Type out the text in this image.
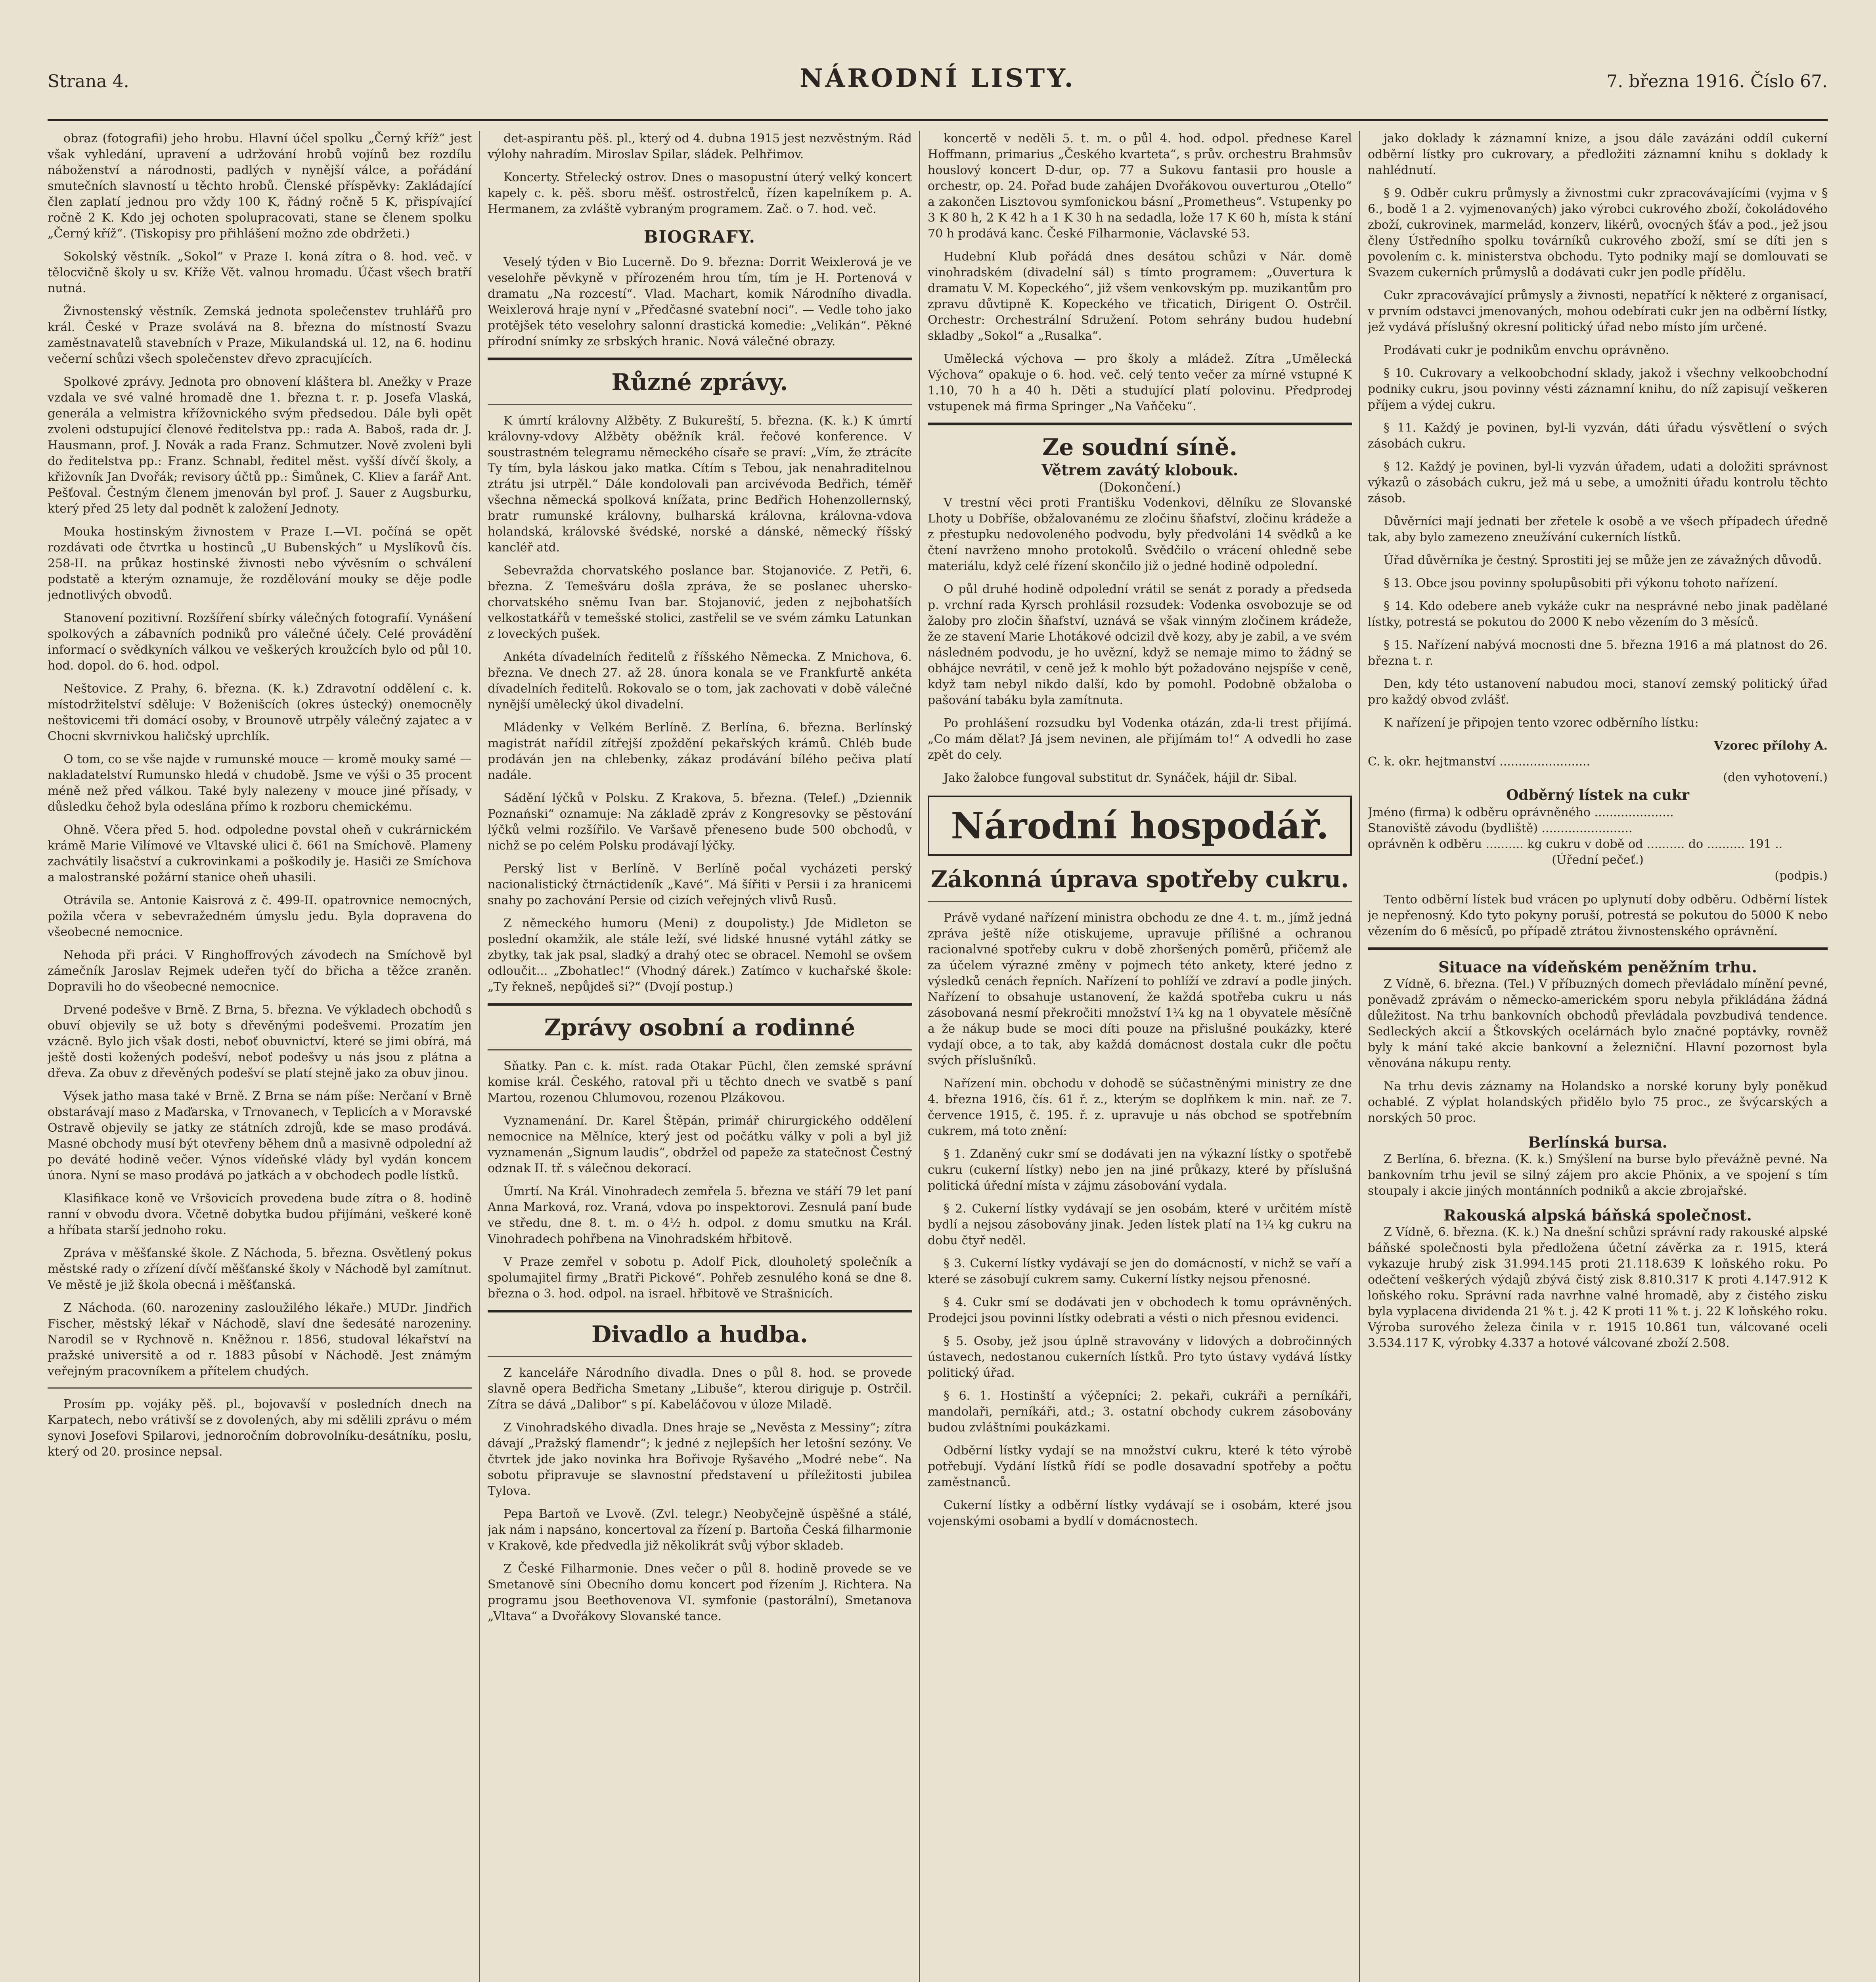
Strana 4.	NÁRODNÍ LISTY.	7. března 1916. Číslo 67.

obraz (fotografii) jeho hrobu. Hlavní účel spolku „Černý kříž“ jest však vyhledání, upravení a udržování hrobů vojínů bez rozdílu náboženství a národnosti, padlých v nynější válce, a pořádání smutečních slavností u těchto hrobů. Členské příspěvky: Zakládající člen zaplatí jednou pro vždy 100 K, řádný ročně 5 K, přispívající ročně 2 K. Kdo jej ochoten spolupracovati, stane se členem spolku „Černý kříž“. (Tiskopisy pro přihlášení možno zde obdržeti.)

Sokolský věstník. „Sokol“ v Praze I. koná zítra o 8. hod. več. v tělocvičně školy u sv. Kříže Vět. valnou hromadu. Účast všech bratří nutná.

Živnostenský věstník. Zemská jednota společenstev truhlářů pro král. České v Praze svolává na 8. března do místností Svazu zaměstnavatelů stavebních v Praze, Mikulandská ul. 12, na 6. hodinu večerní schůzi všech společenstev dřevo zpracujících.

Spolkové zprávy. Jednota pro obnovení kláštera bl. Anežky v Praze vzdala ve své valné hromadě dne 1. března t. r. p. Josefa Vlaská, generála a velmistra křížovnického svým předsedou. Dále byli opět zvoleni odstupující členové ředitelstva pp.: rada A. Baboš, rada dr. J. Hausmann, prof. J. Novák a rada Franz. Schmutzer. Nově zvoleni byli do ředitelstva pp.: Franz. Schnabl, ředitel měst. vyšší dívčí školy, a křižovník Jan Dvořák; revisory účtů pp.: Šimůnek, C. Kliev a farář Ant. Pešťoval. Čestným členem jmenován byl prof. J. Sauer z Augsburku, který před 25 lety dal podnět k založení Jednoty.

Mouka hostinským živnostem v Praze I.—VI. počíná se opět rozdávati ode čtvrtka u hostinců „U Bubenských“ u Myslíkovů čís. 258-II. na průkaz hostinské živnosti nebo vývěsním o schválení podstatě a kterým oznamuje, že rozdělování mouky se děje podle jednotlivých obvodů.

Stanovení pozitivní. Rozšíření sbírky válečných fotografií. Vynášení spolkových a zábavních podniků pro válečné účely. Celé provádění informací o svědkyních válkou ve veškerých kroužcích bylo od půl 10. hod. dopol. do 6. hod. odpol.

Neštovice. Z Prahy, 6. března. (K. k.) Zdravotní oddělení c. k. místodržitelství sděluje: V Boženišcích (okres ústecký) onemocněly neštovicemi tři domácí osoby, v Brounově utrpěly válečný zajatec a v Chocni skvrnivkou haličský uprchlík.

O tom, co se vše najde v rumunské mouce — kromě mouky samé — nakladatelství Rumunsko hledá v chudobě. Jsme ve výši o 35 procent méně než před válkou. Také byly nalezeny v mouce jiné přísady, v důsledku čehož byla odeslána přímo k rozboru chemickému.

Ohně. Včera před 5. hod. odpoledne povstal oheň v cukrárnickém krámě Marie Vilímové ve Vltavské ulici č. 661 na Smíchově. Plameny zachvátily lisačství a cukrovinkami a poškodily je. Hasiči ze Smíchova a malostranské požární stanice oheň uhasili.

Otrávila se. Antonie Kaisrová z č. 499-II. opatrovnice nemocných, požila včera v sebevražedném úmyslu jedu. Byla dopravena do všeobecné nemocnice.

Nehoda při práci. V Ringhoffrových závodech na Smíchově byl zámečník Jaroslav Rejmek udeřen tyčí do břicha a těžce zraněn. Dopravili ho do všeobecné nemocnice.

Drvené podešve v Brně. Z Brna, 5. března. Ve výkladech obchodů s obuví objevily se už boty s dřevěnými podešvemi. Prozatím jen vzácně. Bylo jich však dosti, neboť obuvnictví, které se jimi obírá, má ještě dosti kožených podešví, neboť podešvy u nás jsou z plátna a dřeva. Za obuv z dřevěných podešví se platí stejně jako za obuv jinou.

Výsek jatho masa také v Brně. Z Brna se nám píše: Nerčaní v Brně obstarávají maso z Maďarska, v Trnovanech, v Teplicích a v Moravské Ostravě objevily se jatky ze státních zdrojů, kde se maso prodává. Masné obchody musí být otevřeny během dnů a masivně odpolední až po deváté hodině večer. Výnos vídeňské vlády byl vydán koncem února. Nyní se maso prodává po jatkách a v obchodech podle lístků.

Klasifikace koně ve Vršovicích provedena bude zítra o 8. hodině ranní v obvodu dvora. Včetně dobytka budou přijímáni, veškeré koně a hříbata starší jednoho roku.

Zpráva v měšťanské škole. Z Náchoda, 5. března. Osvětlený pokus městské rady o zřízení dívčí měšťanské školy v Náchodě byl zamítnut. Ve městě je již škola obecná i měšťanská.

Z Náchoda. (60. narozeniny zasloužilého lékaře.) MUDr. Jindřich Fischer, městský lékař v Náchodě, slaví dne šedesáté narozeniny. Narodil se v Rychnově n. Kněžnou r. 1856, studoval lékařství na pražské universitě a od r. 1883 působí v Náchodě. Jest známým veřejným pracovníkem a přítelem chudých.

Prosím pp. vojáky pěš. pl., bojovavší v posledních dnech na Karpatech, nebo vrátivší se z dovolených, aby mi sdělili zprávu o mém synovi Josefovi Spilarovi, jednoročním dobrovolníku-desátníku, poslu, který od 20. prosince nepsal.

det-aspirantu pěš. pl., který od 4. dubna 1915 jest nezvěstným. Rád výlohy nahradím. Miroslav Spilar, sládek. Pelhřimov.

Koncerty. Střelecký ostrov. Dnes o masopustní úterý velký koncert kapely c. k. pěš. sboru měšť. ostrostřelců, řízen kapelníkem p. A. Hermanem, za zvláště vybraným programem. Zač. o 7. hod. več.

BIOGRAFY.

Veselý týden v Bio Lucerně. Do 9. března: Dorrit Weixlerová je ve veselohře pěvkyně v přírozeném hrou tím, tím je H. Portenová v dramatu „Na rozcestí“. Vlad. Machart, komik Národního divadla. Weixlerová hraje nyní v „Předčasné svatební noci“. — Vedle toho jako protějšek této veselohry salonní drastická komedie: „Velikán“. Pěkné přírodní snímky ze srbských hranic. Nová válečné obrazy.

Různé zprávy.

K úmrtí královny Alžběty. Z Bukureští, 5. března. (K. k.) K úmrtí královny-vdovy Alžběty oběžník král. řečové konference. V soustrastném telegramu německého císaře se praví: „Vím, že ztrácíte Ty tím, byla láskou jako matka. Cítím s Tebou, jak nenahraditelnou ztrátu jsi utrpěl.“ Dále kondolovali pan arcivévoda Bedřich, téměř všechna německá spolková knížata, princ Bedřich Hohenzollernský, bratr rumunské královny, bulharská královna, královna-vdova holandská, královské švédské, norské a dánské, německý říšský kancléř atd.

Sebevražda chorvatského poslance bar. Stojanoviće. Z Petři, 6. března. Z Temešváru došla zpráva, že se poslanec uhersko-chorvatského sněmu Ivan bar. Stojanović, jeden z nejbohatších velkostatkářů v temešské stolici, zastřelil se ve svém zámku Latunkan z loveckých pušek.

Ankéta dívadelních ředitelů z říšského Německa. Z Mnichova, 6. března. Ve dnech 27. až 28. února konala se ve Frankfurtě ankéta dívadelních ředitelů. Rokovalo se o tom, jak zachovati v době válečné nynější umělecký úkol divadelní.

Mládenky v Velkém Berlíně. Z Berlína, 6. března. Berlínský magistrát nařídil zítřejší zpoždění pekařských krámů. Chléb bude prodáván jen na chlebenky, zákaz prodávání bílého pečiva platí nadále.

Sádění lýčků v Polsku. Z Krakova, 5. března. (Telef.) „Dziennik Poznański“ oznamuje: Na základě zpráv z Kongresovky se pěstování lýčků velmi rozšířilo. Ve Varšavě přeneseno bude 500 obchodů, v nichž se po celém Polsku prodávají lýčky.

Perský list v Berlíně. V Berlíně počal vycházeti perský nacionalistický čtrnáctideník „Kavé“. Má šířiti v Persii i za hranicemi snahy po zachování Persie od cizích veřejných vlivů Rusů.

Z německého humoru (Meni) z doupolisty.) Jde Midleton se poslední okamžik, ale stále leží, své lidské hnusné vytáhl zátky se zbytky, tak jak psal, sladký a drahý otec se obracel. Nemohl se ovšem odloučit... „Zbohatlec!“ (Vhodný dárek.) Zatímco v kuchařské škole: „Ty řekneš, nepůjdeš si?“ (Dvojí postup.)

Zprávy osobní a rodinné

Sňatky. Pan c. k. míst. rada Otakar Püchl, člen zemské správní komise král. Českého, ratoval při u těchto dnech ve svatbě s paní Martou, rozenou Chlumovou, rozenou Plzákovou.

Vyznamenání. Dr. Karel Štěpán, primář chirurgického oddělení nemocnice na Mělníce, který jest od počátku války v poli a byl již vyznamenán „Signum laudis“, obdržel od papeže za statečnost Čestný odznak II. tř. s válečnou dekorací.

Úmrtí. Na Král. Vinohradech zemřela 5. března ve stáří 79 let paní Anna Marková, roz. Vraná, vdova po inspektorovi. Zesnulá paní bude ve středu, dne 8. t. m. o 4½ h. odpol. z domu smutku na Král. Vinohradech pohřbena na Vinohradském hřbitově.

V Praze zemřel v sobotu p. Adolf Pick, dlouholetý společník a spolumajitel firmy „Bratři Pickové“. Pohřeb zesnulého koná se dne 8. března o 3. hod. odpol. na israel. hřbitově ve Strašnicích.

Divadlo a hudba.

Z kanceláře Národního divadla. Dnes o půl 8. hod. se provede slavně opera Bedřicha Smetany „Libuše“, kterou diriguje p. Ostrčil. Zítra se dává „Dalibor“ s pí. Kabeláčovou v úloze Miladě.

Z Vinohradského divadla. Dnes hraje se „Nevěsta z Messiny“; zítra dávají „Pražský flamendr“; k jedné z nejlepších her letošní sezóny. Ve čtvrtek jde jako novinka hra Bořivoje Ryšavého „Modré nebe“. Na sobotu připravuje se slavnostní představení u příležitosti jubilea Tylova.

Pepa Bartoň ve Lvově. (Zvl. telegr.) Neobyčejně úspěšné a stálé, jak nám i napsáno, koncertoval za řízení p. Bartoňa Česká filharmonie v Krakově, kde předvedla již několikrát svůj výbor skladeb.

Z České Filharmonie. Dnes večer o půl 8. hodině provede se ve Smetanově síni Obecního domu koncert pod řízením J. Richtera. Na programu jsou Beethovenova VI. symfonie (pastorální), Smetanova „Vltava“ a Dvořákovy Slovanské tance.

koncertě v neděli 5. t. m. o půl 4. hod. odpol. přednese Karel Hoffmann, primarius „Českého kvarteta“, s prův. orchestru Brahmsův houslový koncert D-dur, op. 77 a Sukovu fantasii pro housle a orchestr, op. 24. Pořad bude zahájen Dvořákovou ouverturou „Otello“ a zakončen Lisztovou symfonickou básní „Prometheus“. Vstupenky po 3 K 80 h, 2 K 42 h a 1 K 30 h na sedadla, lože 17 K 60 h, místa k stání 70 h prodává kanc. České Filharmonie, Václavské 53.

Hudební Klub pořádá dnes desátou schůzi v Nár. domě vinohradském (divadelní sál) s tímto programem: „Ouvertura k dramatu V. M. Kopeckého“, již všem venkovským pp. muzikantům pro zpravu důvtipně K. Kopeckého ve třicatich, Dirigent O. Ostrčil. Orchestr: Orchestrální Sdružení. Potom sehrány budou hudební skladby „Sokol“ a „Rusalka“.

Umělecká výchova — pro školy a mládež. Zítra „Umělecká Výchova“ opakuje o 6. hod. več. celý tento večer za mírné vstupné K 1.10, 70 h a 40 h. Děti a studující platí polovinu. Předprodej vstupenek má firma Springer „Na Vaňčeku“.

Ze soudní síně.
Větrem zavátý klobouk.
(Dokončení.)

V trestní věci proti Františku Vodenkovi, dělníku ze Slovanské Lhoty u Dobříše, obžalovanému ze zločinu šňafství, zločinu krádeže a z přestupku nedovoleného podvodu, byly předvoláni 14 svědků a ke čtení navrženo mnoho protokolů. Svědčilo o vrácení ohledně sebe materiálu, když celé řízení skončilo již o jedné hodině odpolední.

O půl druhé hodině odpolední vrátil se senát z porady a předseda p. vrchní rada Kyrsch prohlásil rozsudek: Vodenka osvobozuje se od žaloby pro zločin šňafství, uznává se však vinným zločinem krádeže, že ze stavení Marie Lhotákové odcizil dvě kozy, aby je zabil, a ve svém následném podvodu, je ho uvězní, když se nemaje mimo to žádný se obhájce nevrátil, v ceně jež k mohlo být požadováno nejspíše v ceně, když tam nebyl nikdo další, kdo by pomohl. Podobně obžaloba o pašování tabáku byla zamítnuta.

Po prohlášení rozsudku byl Vodenka otázán, zda-li trest přijímá. „Co mám dělat? Já jsem nevinen, ale přijímám to!“ A odvedli ho zase zpět do cely.

Jako žalobce fungoval substitut dr. Synáček, hájil dr. Sibal.

Národní hospodář.
Zákonná úprava spotřeby cukru.

Právě vydané nařízení ministra obchodu ze dne 4. t. m., jímž jedná zpráva ještě níže otiskujeme, upravuje přílišné a ochranou racionalvné spotřeby cukru v době zhoršených poměrů, přičemž ale za účelem výrazné změny v pojmech této ankety, které jedno z výsledků cenách řepních. Nařízení to pohlíží ve zdraví a podle jiných. Nařízení to obsahuje ustanovení, že každá spotřeba cukru u nás zásobovaná nesmí překročiti množství 1¼ kg na 1 obyvatele měsíčně a že nákup bude se moci díti pouze na přislušné poukázky, které vydají obce, a to tak, aby každá domácnost dostala cukr dle počtu svých příslušníků.

Nařízení min. obchodu v dohodě se súčastněnými ministry ze dne 4. března 1916, čís. 61 ř. z., kterým se doplňkem k min. nař. ze 7. července 1915, č. 195. ř. z. upravuje u nás obchod se spotřebním cukrem, má toto znění:

§ 1. Zdaněný cukr smí se dodávati jen na výkazní lístky o spotřebě cukru (cukerní lístky) nebo jen na jiné průkazy, které by příslušná politická úřední místa v zájmu zásobování vydala.

§ 2. Cukerní lístky vydávají se jen osobám, které v určitém místě bydlí a nejsou zásobovány jinak. Jeden lístek platí na 1¼ kg cukru na dobu čtyř neděl.

§ 3. Cukerní lístky vydávají se jen do domácností, v nichž se vaří a které se zásobují cukrem samy. Cukerní lístky nejsou přenosné.

§ 4. Cukr smí se dodávati jen v obchodech k tomu oprávněných. Prodejci jsou povinni lístky odebrati a vésti o nich přesnou evidenci.

§ 5. Osoby, jež jsou úplně stravovány v lidových a dobročinných ústavech, nedostanou cukerních lístků. Pro tyto ústavy vydává lístky politický úřad.

§ 6. 1. Hostinští a výčepníci; 2. pekaři, cukráři a perníkáři, mandolaři, perníkáři, atd.; 3. ostatní obchody cukrem zásobovány budou zvláštními poukázkami.

Odběrní lístky vydají se na množství cukru, které k této výrobě potřebují. Vydání lístků řídí se podle dosavadní spotřeby a počtu zaměstnanců.

Cukerní lístky a odběrní lístky vydávají se i osobám, které jsou vojenskými osobami a bydlí v domácnostech.

jako doklady k záznamní knize, a jsou dále zavázáni oddíl cukerní odběrní lístky pro cukrovary, a předložiti záznamní knihu s doklady k nahlédnutí.

§ 9. Odběr cukru průmysly a živnostmi cukr zpracovávajícími (vyjma v § 6., bodě 1 a 2. vyjmenovaných) jako výrobci cukrového zboží, čokoládového zboží, cukrovinek, marmelád, konzerv, likérů, ovocných šťáv a pod., jež jsou členy Ústředního spolku továrníků cukrového zboží, smí se díti jen s povolením c. k. ministerstva obchodu. Tyto podniky mají se domlouvati se Svazem cukerních průmyslů a dodávati cukr jen podle přídělu.

Cukr zpracovávající průmysly a živnosti, nepatřící k některé z organisací, v prvním odstavci jmenovaných, mohou odebírati cukr jen na odběrní lístky, jež vydává příslušný okresní politický úřad nebo místo jím určené.

Prodávati cukr je podnikům envchu oprávněno.

§ 10. Cukrovary a velkoobchodní sklady, jakož i všechny velkoobchodní podniky cukru, jsou povinny vésti záznamní knihu, do níž zapisují veškeren příjem a výdej cukru.

§ 11. Každý je povinen, byl-li vyzván, dáti úřadu výsvětlení o svých zásobách cukru.

§ 12. Každý je povinen, byl-li vyzván úřadem, udati a doložiti správnost výkazů o zásobách cukru, jež má u sebe, a umožniti úřadu kontrolu těchto zásob.

Důvěrníci mají jednati ber zřetele k osobě a ve všech případech úředně tak, aby bylo zamezeno zneužívání cukerních lístků.

Úřad důvěrníka je čestný. Sprostiti jej se může jen ze závažných důvodů.

§ 13. Obce jsou povinny spolupůsobiti při výkonu tohoto nařízení.

§ 14. Kdo odebere aneb vykáže cukr na nesprávné nebo jinak padělané lístky, potrestá se pokutou do 2000 K nebo vězením do 3 měsíců.

§ 15. Nařízení nabývá mocnosti dne 5. března 1916 a má platnost do 26. března t. r.

Den, kdy této ustanovení nabudou moci, stanoví zemský politický úřad pro každý obvod zvlášť.

K nařízení je připojen tento vzorec odběrního lístku:

Vzorec přílohy A.

C. k. okr. hejtmanství ........................

(den vyhotovení.)

Odběrný lístek na cukr

Jméno (firma) k odběru oprávněného .....................

Stanoviště závodu (bydliště) ........................

oprávněn k odběru .......... kg cukru v době od .......... do .......... 191 ..

(Úřední pečeť.)

(podpis.)

Tento odběrní lístek bud vrácen po uplynutí doby odběru. Odběrní lístek je nepřenosný. Kdo tyto pokyny poruší, potrestá se pokutou do 5000 K nebo vězením do 6 měsíců, po případě ztrátou živnostenského oprávnění.

Situace na vídeňském peněžním trhu.

Z Vídně, 6. března. (Tel.) V příbuzných domech převládalo mínění pevné, poněvadž zprávám o německo-americkém sporu nebyla přikládána žádná důležitost. Na trhu bankovních obchodů převládala povzbudivá tendence. Sedleckých akcií a Štkovských ocelárnách bylo značné poptávky, rovněž byly k mání také akcie bankovní a železniční. Hlavní pozornost byla věnována nákupu renty.

Na trhu devis záznamy na Holandsko a norské koruny byly poněkud ochablé. Z výplat holandských přidělo bylo 75 proc., ze švýcarských a norských 50 proc.

Berlínská bursa.

Z Berlína, 6. března. (K. k.) Smýšlení na burse bylo převážně pevné. Na bankovním trhu jevil se silný zájem pro akcie Phönix, a ve spojení s tím stoupaly i akcie jiných montánních podniků a akcie zbrojařské.

Rakouská alpská báňská společnost.

Z Vídně, 6. března. (K. k.) Na dnešní schůzi správní rady rakouské alpské báňské společnosti byla předložena účetní závěrka za r. 1915, která vykazuje hrubý zisk 31.994.145 proti 21.118.639 K loňského roku. Po odečtení veškerých výdajů zbývá čistý zisk 8.810.317 K proti 4.147.912 K loňského roku. Správní rada navrhne valné hromadě, aby z čistého zisku byla vyplacena dividenda 21 % t. j. 42 K proti 11 % t. j. 22 K loňského roku. Výroba surového železa činila v r. 1915 10.861 tun, válcované oceli 3.534.117 K, výrobky 4.337 a hotové válcované zboží 2.508.
